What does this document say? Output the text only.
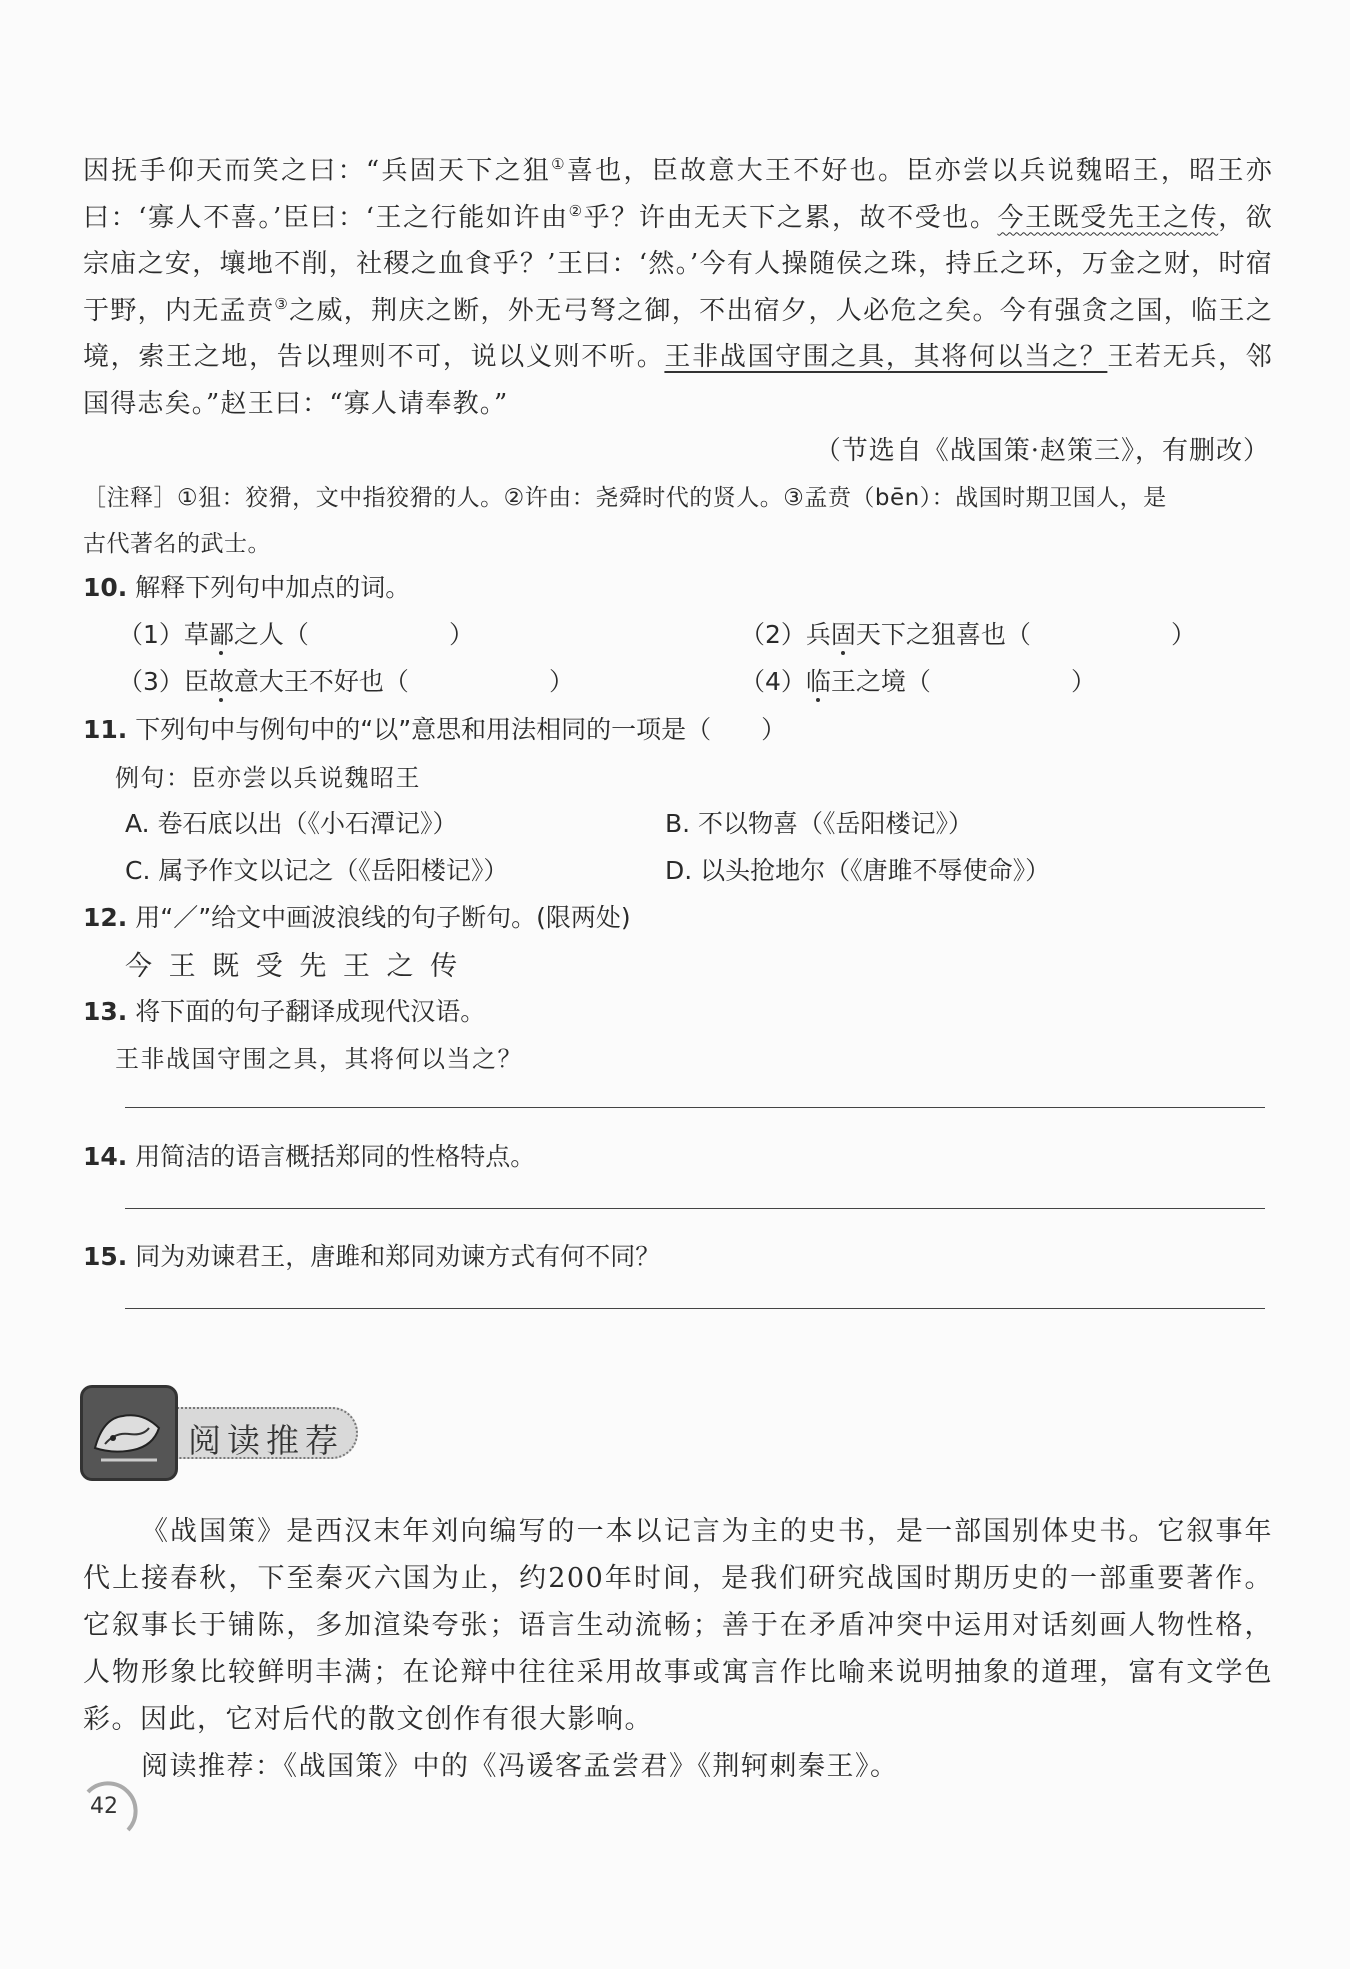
因抚手仰天而笑之曰：“兵固天下之狙①喜也，臣故意大王不好也。臣亦尝以兵说魏昭王，昭王亦曰：‘寡人不喜。’臣曰：‘王之行能如许由②乎？许由无天下之累，故不受也。今王既受先王之传，欲宗庙之安，壤地不削，社稷之血食乎？’王曰：‘然。’今有人操随侯之珠，持丘之环，万金之财，时宿于野，内无孟贲③之威，荆庆之断，外无弓弩之御，不出宿夕，人必危之矣。今有强贪之国，临王之境，索王之地，告以理则不可，说以义则不听。王非战国守围之具，其将何以当之？王若无兵，邻国得志矣。”赵王曰：“寡人请奉教。”
（节选自《战国策·赵策三》，有删改）
［注释］①狙：狡猾，文中指狡猾的人。②许由：尧舜时代的贤人。③孟贲（bēn）：战国时期卫国人，是
古代著名的武士。
10. 解释下列句中加点的词。
（1）草鄙之人（	）	（2）兵固天下之狙喜也（	）
（3）臣故意大王不好也（	）	（4）临王之境（	）
11. 下列句中与例句中的“以”意思和用法相同的一项是（　　）
例句：臣亦尝以兵说魏昭王
A. 卷石底以出（《小石潭记》）	B. 不以物喜（《岳阳楼记》）
C. 属予作文以记之（《岳阳楼记》）	D. 以头抢地尔（《唐雎不辱使命》）
12. 用“／”给文中画波浪线的句子断句。(限两处)
今 王 既 受 先 王 之 传
13. 将下面的句子翻译成现代汉语。
王非战国守围之具，其将何以当之？
14. 用简洁的语言概括郑同的性格特点。
15. 同为劝谏君王，唐雎和郑同劝谏方式有何不同？
阅读推荐

《战国策》是西汉末年刘向编写的一本以记言为主的史书，是一部国别体史书。它叙事年代上接春秋，下至秦灭六国为止，约200年时间，是我们研究战国时期历史的一部重要著作。它叙事长于铺陈，多加渲染夸张；语言生动流畅；善于在矛盾冲突中运用对话刻画人物性格，人物形象比较鲜明丰满；在论辩中往往采用故事或寓言作比喻来说明抽象的道理，富有文学色彩。因此，它对后代的散文创作有很大影响。

阅读推荐：《战国策》中的《冯谖客孟尝君》《荆轲刺秦王》。

42
